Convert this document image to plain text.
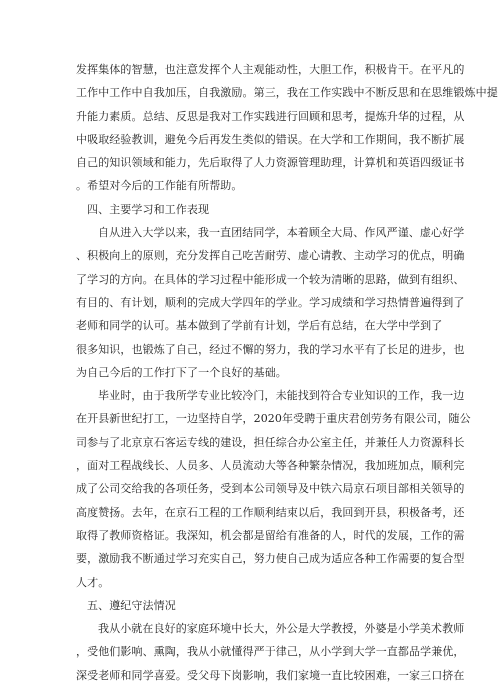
发挥集体的智慧，也注意发挥个人主观能动性，大胆工作，积极肯干。在平凡的
工作中工作中自我加压，自我激励。第三，我在工作实践中不断反思和在思维锻炼中提
升能力素质。总结、反思是我对工作实践进行回顾和思考，提炼升华的过程，从
中吸取经验教训，避免今后再发生类似的错误。在大学和工作期间，我不断扩展
自己的知识领域和能力，先后取得了人力资源管理助理，计算机和英语四级证书
。希望对今后的工作能有所帮助。
四、主要学习和工作表现
自从进入大学以来，我一直团结同学，本着顾全大局、作风严谨、虚心好学
、积极向上的原则，充分发挥自己吃苦耐劳、虚心请教、主动学习的优点，明确
了学习的方向。在具体的学习过程中能形成一个较为清晰的思路，做到有组织、
有目的、有计划，顺利的完成大学四年的学业。学习成绩和学习热情普遍得到了
老师和同学的认可。基本做到了学前有计划，学后有总结，在大学中学到了
很多知识，也锻炼了自己，经过不懈的努力，我的学习水平有了长足的进步，也
为自己今后的工作打下了一个良好的基础。
毕业时，由于我所学专业比较冷门，未能找到符合专业知识的工作，我一边
在开县新世纪打工，一边坚持自学，2020年受聘于重庆君创劳务有限公司，随公
司参与了北京京石客运专线的建设，担任综合办公室主任，并兼任人力资源科长
，面对工程战线长、人员多、人员流动大等各种繁杂情况，我加班加点，顺利完
成了公司交给我的各项任务，受到本公司领导及中铁六局京石项目部相关领导的
高度赞扬。去年，在京石工程的工作顺利结束以后，我回到开县，积极备考，还
取得了教师资格证。我深知，机会都是留给有准备的人，时代的发展，工作的需
要，激励我不断通过学习充实自己，努力使自己成为适应各种工作需要的复合型
人才。
五、遵纪守法情况
我从小就在良好的家庭环境中长大，外公是大学教授，外婆是小学美术教师
，受他们影响、熏陶，我从小就懂得严于律己，从小学到大学一直都品学兼优，
深受老师和同学喜爱。受父母下岗影响，我们家境一直比较困难，一家三口挤在
